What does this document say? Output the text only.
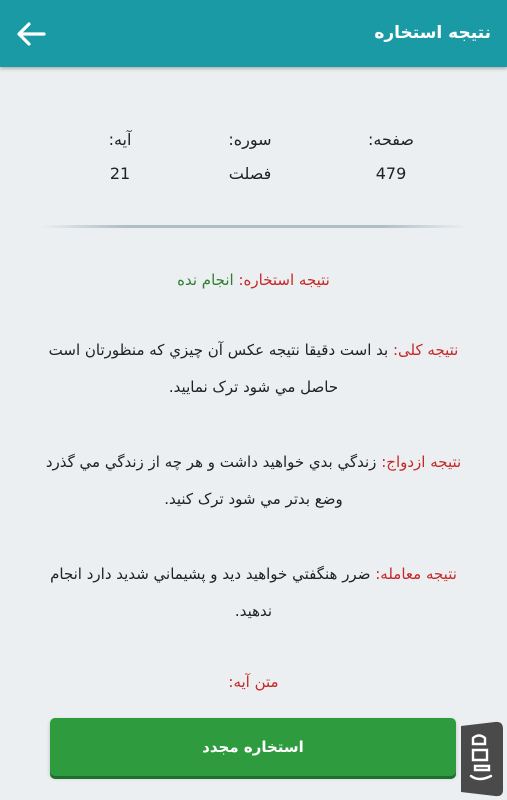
نتیجه استخاره
صفحه:
479
سوره:
فصلت
آیه:
21

نتیجه استخاره: انجام نده

نتیجه کلی: بد است دقیقا نتیجه عکس آن چیزي که منظورتان است حاصل مي شود ترک نمایید.

نتیجه ازدواج: زندگي بدي خواهید داشت و هر چه از زندگي مي گذرد وضع بدتر مي شود ترک کنید.

نتیجه معامله: ضرر هنگفتي خواهید دید و پشیماني شدید دارد انجام ندهید.

متن آیه:

استخاره مجدد
